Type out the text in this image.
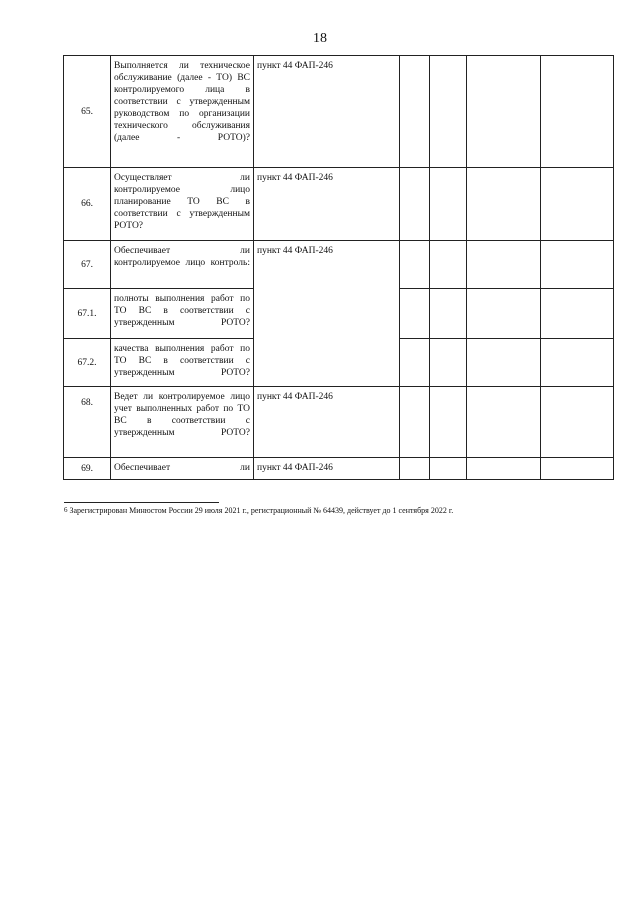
18
65.	Выполняется ли техническое обслуживание (далее - ТО) ВС контролируемого лица в соответствии с утвержденным руководством по организации технического обслуживания (далее - РОТО)?	пункт 44 ФАП-246				
66.	Осуществляет ли контролируемое лицо планирование ТО ВС в соответствии с утвержденным РОТО?	пункт 44 ФАП-246				
67.	Обеспечивает ли контролируемое лицо контроль:	пункт 44 ФАП-246				
67.1.	полноты выполнения работ по ТО ВС в соответствии с утвержденным РОТО?					
67.2.	качества выполнения работ по ТО ВС в соответствии с утвержденным РОТО?					
68.	Ведет ли контролируемое лицо учет выполненных работ по ТО ВС в соответствии с утвержденным РОТО?	пункт 44 ФАП-246				
69.	Обеспечивает ли	пункт 44 ФАП-246				
$^6$ Зарегистрирован Минюстом России 29 июля 2021 г., регистрационный № 64439, действует до 1 сентября 2022 г.
